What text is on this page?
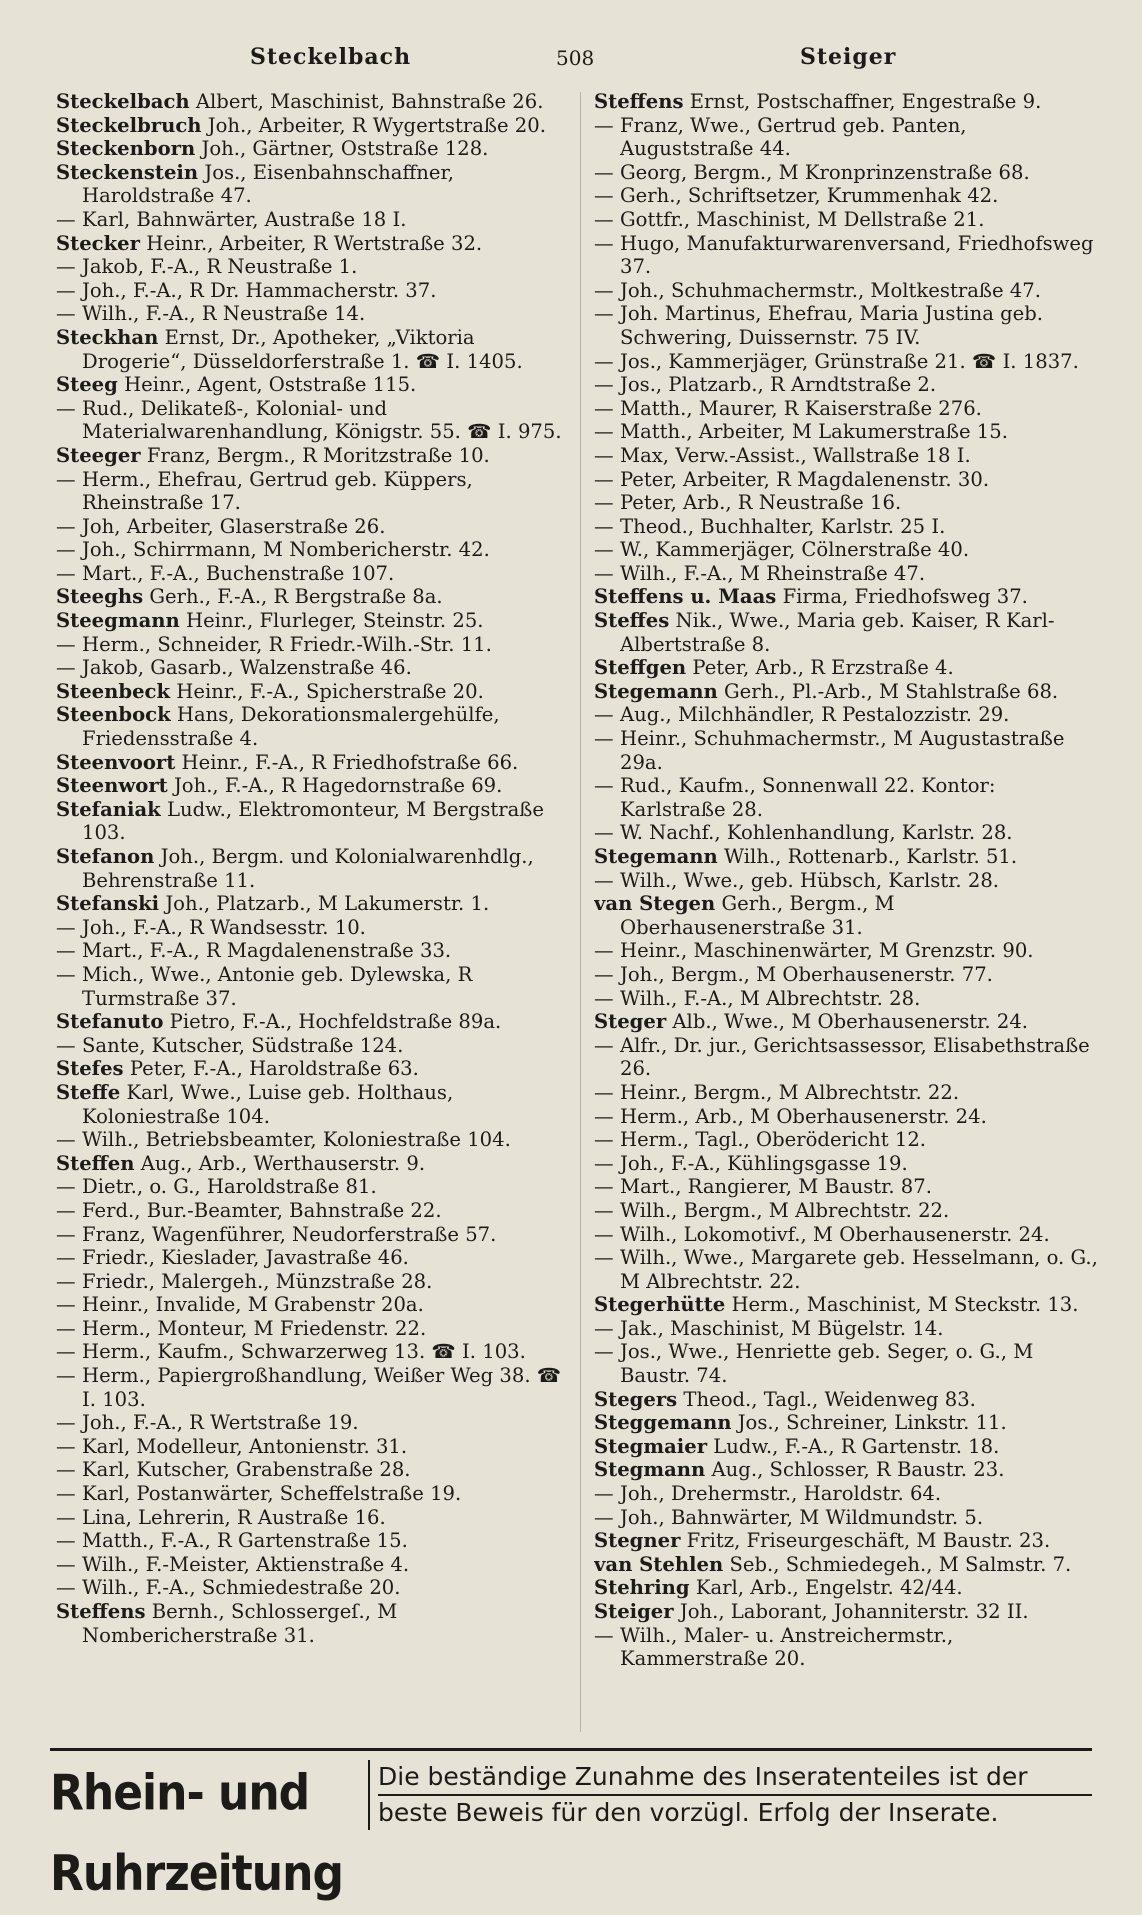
Steckelbach	508	Steiger

Steckelbach Albert, Maschinist, Bahnstraße 26.

Steckelbruch Joh., Arbeiter, R Wygertstraße 20.

Steckenborn Joh., Gärtner, Oststraße 128.

Steckenstein Jos., Eisenbahnschaffner, Haroldstraße 47.

— Karl, Bahnwärter, Austraße 18 I.

Stecker Heinr., Arbeiter, R Wertstraße 32.

— Jakob, F.-A., R Neustraße 1.

— Joh., F.-A., R Dr. Hammacherstr. 37.

— Wilh., F.-A., R Neustraße 14.

Steckhan Ernst, Dr., Apotheker, „Viktoria Drogerie“, Düsseldorferstraße 1. ☎ I. 1405.

Steeg Heinr., Agent, Oststraße 115.

— Rud., Delikateß-, Kolonial- und Materialwarenhandlung, Königstr. 55. ☎ I. 975.

Steeger Franz, Bergm., R Moritzstraße 10.

— Herm., Ehefrau, Gertrud geb. Küppers, Rheinstraße 17.

— Joh, Arbeiter, Glaserstraße 26.

— Joh., Schirrmann, M Nombericherstr. 42.

— Mart., F.-A., Buchenstraße 107.

Steeghs Gerh., F.-A., R Bergstraße 8a.

Steegmann Heinr., Flurleger, Steinstr. 25.

— Herm., Schneider, R Friedr.-Wilh.-Str. 11.

— Jakob, Gasarb., Walzenstraße 46.

Steenbeck Heinr., F.-A., Spicherstraße 20.

Steenbock Hans, Dekorationsmalergehülfe, Friedensstraße 4.

Steenvoort Heinr., F.-A., R Friedhofstraße 66.

Steenwort Joh., F.-A., R Hagedornstraße 69.

Stefaniak Ludw., Elektromonteur, M Bergstraße 103.

Stefanon Joh., Bergm. und Kolonialwarenhdlg., Behrenstraße 11.

Stefanski Joh., Platzarb., M Lakumerstr. 1.

— Joh., F.-A., R Wandsesstr. 10.

— Mart., F.-A., R Magdalenenstraße 33.

— Mich., Wwe., Antonie geb. Dylewska, R Turmstraße 37.

Stefanuto Pietro, F.-A., Hochfeldstraße 89a.

— Sante, Kutscher, Südstraße 124.

Stefes Peter, F.-A., Haroldstraße 63.

Steffe Karl, Wwe., Luise geb. Holthaus, Koloniestraße 104.

— Wilh., Betriebsbeamter, Koloniestraße 104.

Steffen Aug., Arb., Werthauserstr. 9.

— Dietr., o. G., Haroldstraße 81.

— Ferd., Bur.-Beamter, Bahnstraße 22.

— Franz, Wagenführer, Neudorferstraße 57.

— Friedr., Kieslader, Javastraße 46.

— Friedr., Malergeh., Münzstraße 28.

— Heinr., Invalide, M Grabenstr 20a.

— Herm., Monteur, M Friedenstr. 22.

— Herm., Kaufm., Schwarzerweg 13. ☎ I. 103.

— Herm., Papiergroßhandlung, Weißer Weg 38. ☎ I. 103.

— Joh., F.-A., R Wertstraße 19.

— Karl, Modelleur, Antonienstr. 31.

— Karl, Kutscher, Grabenstraße 28.

— Karl, Postanwärter, Scheffelstraße 19.

— Lina, Lehrerin, R Austraße 16.

— Matth., F.-A., R Gartenstraße 15.

— Wilh., F.-Meister, Aktienstraße 4.

— Wilh., F.-A., Schmiedestraße 20.

Steffens Bernh., Schlossergeſ., M Nombericherstraße 31.

Steffens Ernst, Postschaffner, Engestraße 9.

— Franz, Wwe., Gertrud geb. Panten, Auguststraße 44.

— Georg, Bergm., M Kronprinzenstraße 68.

— Gerh., Schriftsetzer, Krummenhak 42.

— Gottfr., Maschinist, M Dellstraße 21.

— Hugo, Manufakturwarenversand, Friedhofsweg 37.

— Joh., Schuhmachermstr., Moltkestraße 47.

— Joh. Martinus, Ehefrau, Maria Justina geb. Schwering, Duissernstr. 75 IV.

— Jos., Kammerjäger, Grünstraße 21. ☎ I. 1837.

— Jos., Platzarb., R Arndtstraße 2.

— Matth., Maurer, R Kaiserstraße 276.

— Matth., Arbeiter, M Lakumerstraße 15.

— Max, Verw.-Assist., Wallstraße 18 I.

— Peter, Arbeiter, R Magdalenenstr. 30.

— Peter, Arb., R Neustraße 16.

— Theod., Buchhalter, Karlstr. 25 I.

— W., Kammerjäger, Cölnerstraße 40.

— Wilh., F.-A., M Rheinstraße 47.

Steffens u. Maas Firma, Friedhofsweg 37.

Steffes Nik., Wwe., Maria geb. Kaiser, R Karl-Albertstraße 8.

Steffgen Peter, Arb., R Erzstraße 4.

Stegemann Gerh., Pl.-Arb., M Stahlstraße 68.

— Aug., Milchhändler, R Pestalozzistr. 29.

— Heinr., Schuhmachermstr., M Augustastraße 29a.

— Rud., Kaufm., Sonnenwall 22. Kontor: Karlstraße 28.

— W. Nachf., Kohlenhandlung, Karlstr. 28.

Stegemann Wilh., Rottenarb., Karlstr. 51.

— Wilh., Wwe., geb. Hübsch, Karlstr. 28.

van Stegen Gerh., Bergm., M Oberhausenerstraße 31.

— Heinr., Maschinenwärter, M Grenzstr. 90.

— Joh., Bergm., M Oberhausenerstr. 77.

— Wilh., F.-A., M Albrechtstr. 28.

Steger Alb., Wwe., M Oberhausenerstr. 24.

— Alfr., Dr. jur., Gerichtsassessor, Elisabethstraße 26.

— Heinr., Bergm., M Albrechtstr. 22.

— Herm., Arb., M Oberhausenerstr. 24.

— Herm., Tagl., Oberödericht 12.

— Joh., F.-A., Kühlingsgasse 19.

— Mart., Rangierer, M Baustr. 87.

— Wilh., Bergm., M Albrechtstr. 22.

— Wilh., Lokomotivf., M Oberhausenerstr. 24.

— Wilh., Wwe., Margarete geb. Hesselmann, o. G., M Albrechtstr. 22.

Stegerhütte Herm., Maschinist, M Steckstr. 13.

— Jak., Maschinist, M Bügelstr. 14.

— Jos., Wwe., Henriette geb. Seger, o. G., M Baustr. 74.

Stegers Theod., Tagl., Weidenweg 83.

Steggemann Jos., Schreiner, Linkstr. 11.

Stegmaier Ludw., F.-A., R Gartenstr. 18.

Stegmann Aug., Schlosser, R Baustr. 23.

— Joh., Drehermstr., Haroldstr. 64.

— Joh., Bahnwärter, M Wildmundstr. 5.

Stegner Fritz, Friseurgeschäft, M Baustr. 23.

van Stehlen Seb., Schmiedegeh., M Salmstr. 7.

Stehring Karl, Arb., Engelstr. 42/44.

Steiger Joh., Laborant, Johanniterstr. 32 II.

— Wilh., Maler- u. Anstreichermstr., Kammerstraße 20.

Rhein- und Ruhrzeitung
Die beständige Zunahme des Inseratenteiles ist der
beste Beweis für den vorzügl. Erfolg der Inserate.
